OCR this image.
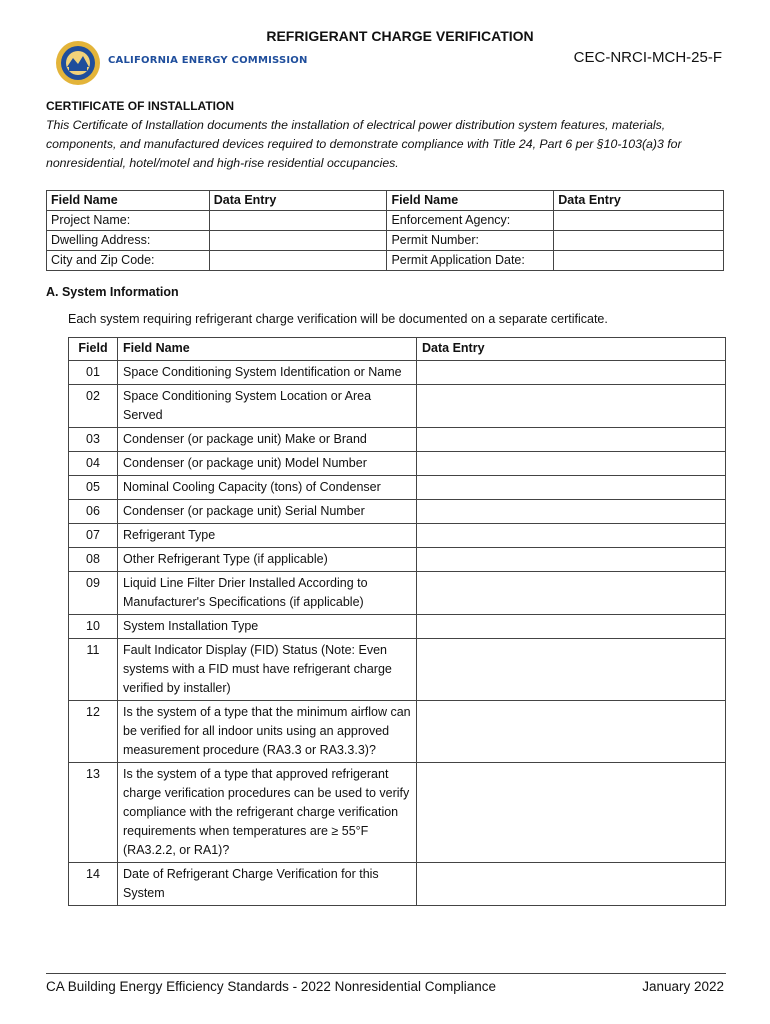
CALIFORNIA ENERGY COMMISSION
REFRIGERANT CHARGE VERIFICATION
CEC-NRCI-MCH-25-F
CERTIFICATE OF INSTALLATION
This Certificate of Installation documents the installation of electrical power distribution system features, materials, components, and manufactured devices required to demonstrate compliance with Title 24, Part 6 per §10-103(a)3 for nonresidential, hotel/motel and high-rise residential occupancies.
Field Name	Data Entry	Field Name	Data Entry
Project Name:		Enforcement Agency:	
Dwelling Address:		Permit Number:	
City and Zip Code:		Permit Application Date:	
A. System Information
Each system requiring refrigerant charge verification will be documented on a separate certificate.
Field	Field Name	Data Entry
01	Space Conditioning System Identification or Name	
02	Space Conditioning System Location or Area Served	
03	Condenser (or package unit) Make or Brand	
04	Condenser (or package unit) Model Number	
05	Nominal Cooling Capacity (tons) of Condenser	
06	Condenser (or package unit) Serial Number	
07	Refrigerant Type	
08	Other Refrigerant Type (if applicable)	
09	Liquid Line Filter Drier Installed According to Manufacturer's Specifications (if applicable)	
10	System Installation Type	
11	Fault Indicator Display (FID) Status (Note: Even systems with a FID must have refrigerant charge verified by installer)	
12	Is the system of a type that the minimum airflow can be verified for all indoor units using an approved measurement procedure (RA3.3 or RA3.3.3)?	
13	Is the system of a type that approved refrigerant charge verification procedures can be used to verify compliance with the refrigerant charge verification requirements when temperatures are ≥ 55°F (RA3.2.2, or RA1)?	
14	Date of Refrigerant Charge Verification for this System	
CA Building Energy Efficiency Standards - 2022 Nonresidential Compliance	January 2022
